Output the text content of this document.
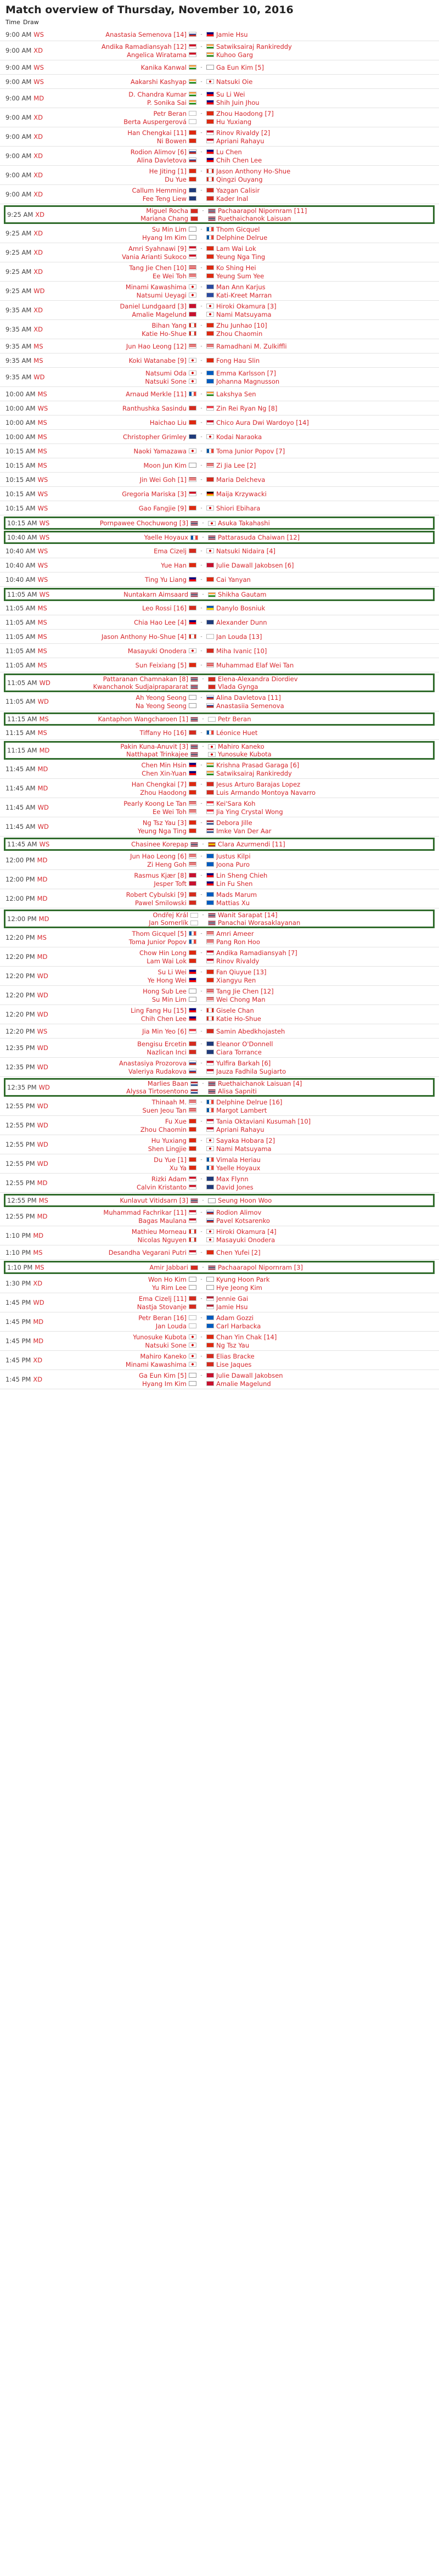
Match overview of Thursday, November 10, 2016
Time Draw
9:00 AM WS	Anastasia Semenova [14]	- Jamie Hsu
9:00 AM XD
Andika Ramadiansyah [12]	- Satwiksairaj Rankireddy
Angelica Wiratama	Kuhoo Garg
9:00 AM WS	Kanika Kanwal	- Ga Eun Kim [5]
9:00 AM WS	Aakarshi Kashyap	- Natsuki Oie
9:00 AM MD
D. Chandra Kumar	- Su Li Wei
P. Sonika Sai	Shih Juin Jhou
9:00 AM XD
Petr Beran	- Zhou Haodong [7]
Berta Auspergerová	Hu Yuxiang
9:00 AM XD
Han Chengkai [11]	- Rinov Rivaldy [2]
Ni Bowen	Apriani Rahayu
9:00 AM XD
Rodion Alimov [6]	- Lu Chen
Alina Davletova	Chih Chen Lee
9:00 AM XD
He Jiting [1]	- Jason Anthony Ho-Shue
Du Yue	Qingzi Ouyang
9:00 AM XD
Callum Hemming	- Yazgan Calisir
Fee Teng Liew	Kader Inal
9:25 AM XD	Miguel Rocha	- Pachaarapol Nipornram [11]
Mariana Chang	Ruethaichanok Laisuan
9:25 AM XD
Su Min Lim	- Thom Gicquel
Hyang Im Kim	Delphine Delrue
9:25 AM XD
Amri Syahnawi [9]	- Lam Wai Lok
Vania Arianti Sukoco	Yeung Nga Ting
9:25 AM XD
Tang Jie Chen [10]	- Ko Shing Hei
Ee Wei Toh	Yeung Sum Yee
9:25 AM WD
Minami Kawashima	- Man Ann Karjus
Natsumi Ueyagi	Kati-Kreet Marran
9:35 AM XD
Daniel Lundgaard [3]	- Hiroki Okamura [3]
Amalie Magelund	Nami Matsuyama
9:35 AM XD
Bihan Yang	- Zhu Junhao [10]
Katie Ho-Shue	Zhou Chaomin
9:35 AM MS	Jun Hao Leong [12]	- Ramadhani M. Zulkiffli
9:35 AM MS	Koki Watanabe [9]	- Fong Hau Slin
9:35 AM WD
Natsumi Oda	- Emma Karlsson [7]
Natsuki Sone	Johanna Magnusson
10:00 AM MS	Arnaud Merkle [11]	- Lakshya Sen
10:00 AM WS	Ranthushka Sasindu	- Zin Rei Ryan Ng [8]
10:00 AM MS	Haichao Liu	- Chico Aura Dwi Wardoyo [14]
10:00 AM MS	Christopher Grimley	- Kodai Naraoka
10:15 AM MS	Naoki Yamazawa	- Toma Junior Popov [7]
10:15 AM MS	Moon Jun Kim	- Zi Jia Lee [2]
10:15 AM WS	Jin Wei Goh [1]	- Maria Delcheva
10:15 AM WS	Gregoria Mariska [3]	- Maija Krzywacki
10:15 AM WS	Gao Fangjie [9]	- Shiori Ebihara
10:15 AM WS	Pornpawee Chochuwong [3]	- Asuka Takahashi
10:40 AM WS	Yaelle Hoyaux	- Pattarasuda Chaiwan [12]
10:40 AM WS	Ema Cizelj	- Natsuki Nidaira [4]
10:40 AM WS	Yue Han	- Julie Dawall Jakobsen [6]
10:40 AM WS	Ting Yu Liang	- Cai Yanyan
11:05 AM WS	Nuntakarn Aimsaard	- Shikha Gautam
11:05 AM MS	Leo Rossi [16]	- Danylo Bosniuk
11:05 AM MS	Chia Hao Lee [4]	- Alexander Dunn
11:05 AM MS	Jason Anthony Ho-Shue [4]	- Jan Louda [13]
11:05 AM MS	Masayuki Onodera	- Miha Ivanic [10]
11:05 AM MS	Sun Feixiang [5]	- Muhammad Elaf Wei Tan
11:05 AM WD	Pattaranan Chamnakan [8]	- Elena-Alexandra Diordiev
Kwanchanok Sudjaiprapararat	Vlada Gynga
11:05 AM WD
Ah Yeong Seong	- Alina Davletova [11]
Na Yeong Seong	Anastasiia Semenova
11:15 AM MS	Kantaphon Wangcharoen [1]	- Petr Beran
11:15 AM MS	Tiffany Ho [16]	- Léonice Huet
11:15 AM MD	Pakin Kuna-Anuvit [3]	- Mahiro Kaneko
Natthapat Trinkajee	Yunosuke Kubota
11:45 AM MD
Chen Min Hsin	- Krishna Prasad Garaga [6]
Chen Xin-Yuan	Satwiksairaj Rankireddy
11:45 AM MD
Han Chengkai [7]	- Jesus Arturo Barajas Lopez
Zhou Haodong	Luis Armando Montoya Navarro
11:45 AM WD
Pearly Koong Le Tan	- Kei'Sara Koh
Ee Wei Toh	Jia Ying Crystal Wong
11:45 AM WD
Ng Tsz Yau [3]	- Debora Jille
Yeung Nga Ting	Imke Van Der Aar
11:45 AM WS	Chasinee Korepap	- Clara Azurmendi [11]
12:00 PM MD
Jun Hao Leong [6]	- Justus Kilpi
Zi Heng Goh	Joona Puro
12:00 PM MD
Rasmus Kjær [8]	- Lin Sheng Chieh
Jesper Toft	Lin Fu Shen
12:00 PM MD
Robert Cybulski [9]	- Mads Marum
Pawel Smilowski	Mattias Xu
12:00 PM MD	Ondřej Král	- Wanit Sarapat [14]
Jan Somerlík	Panachai Worasaklayanan
12:20 PM MS
Thom Gicquel [5]	- Amri Ameer
Toma Junior Popov	Pang Ron Hoo
12:20 PM MD
Chow Hin Long	- Andika Ramadiansyah [7]
Lam Wai Lok	Rinov Rivaldy
12:20 PM WD
Su Li Wei	- Fan Qiuyue [13]
Ye Hong Wei	Xiangyu Ren
12:20 PM WD
Hong Sub Lee	- Tang Jie Chen [12]
Su Min Lim	Wei Chong Man
12:20 PM WD
Ling Fang Hu [15]	- Gisele Chan
Chih Chen Lee	Katie Ho-Shue
12:20 PM WS	Jia Min Yeo [6]	- Samin Abedkhojasteh
12:35 PM WD
Bengisu Ercetin	- Eleanor O'Donnell
Nazlican Inci	Ciara Torrance
12:35 PM WD
Anastasiya Prozorova	- Yulfira Barkah [6]
Valeriya Rudakova	Jauza Fadhila Sugiarto
12:35 PM WD	Marlies Baan	- Ruethaichanok Laisuan [4]
Alyssa Tirtosentono	Alisa Sapniti
12:55 PM WD
Thinaah M.	- Delphine Delrue [16]
Suen Jeou Tan	Margot Lambert
12:55 PM WD
Fu Xue	- Tania Oktaviani Kusumah [10]
Zhou Chaomin	Apriani Rahayu
12:55 PM WD
Hu Yuxiang	- Sayaka Hobara [2]
Shen Lingjie	Nami Matsuyama
12:55 PM WD
Du Yue [1]	- Vimala Heriau
Xu Ya	Yaelle Hoyaux
12:55 PM MD
Rizki Adam	- Max Flynn
Calvin Kristanto	David Jones
12:55 PM MS	Kunlavut Vitidsarn [3]	- Seung Hoon Woo
12:55 PM MD
Muhammad Fachrikar [11]	- Rodion Alimov
Bagas Maulana	Pavel Kotsarenko
1:10 PM MD
Mathieu Morneau	- Hiroki Okamura [4]
Nicolas Nguyen	Masayuki Onodera
1:10 PM MS	Desandha Vegarani Putri	- Chen Yufei [2]
1:10 PM MS	Amir Jabbari	- Pachaarapol Nipornram [3]
1:30 PM XD
Won Ho Kim	- Kyung Hoon Park
Yu Rim Lee	Hye Jeong Kim
1:45 PM WD
Ema Cizelj [11]	- Jennie Gai
Nastja Stovanje	Jamie Hsu
1:45 PM MD
Petr Beran [16]	- Adam Gozzi
Jan Louda	Carl Harbacka
1:45 PM MD
Yunosuke Kubota	- Chan Yin Chak [14]
Natsuki Sone	Ng Tsz Yau
1:45 PM XD
Mahiro Kaneko	- Elias Bracke
Minami Kawashima	Lise Jaques
1:45 PM XD
Ga Eun Kim [5]	- Julie Dawall Jakobsen
Hyang Im Kim	Amalie Magelund
